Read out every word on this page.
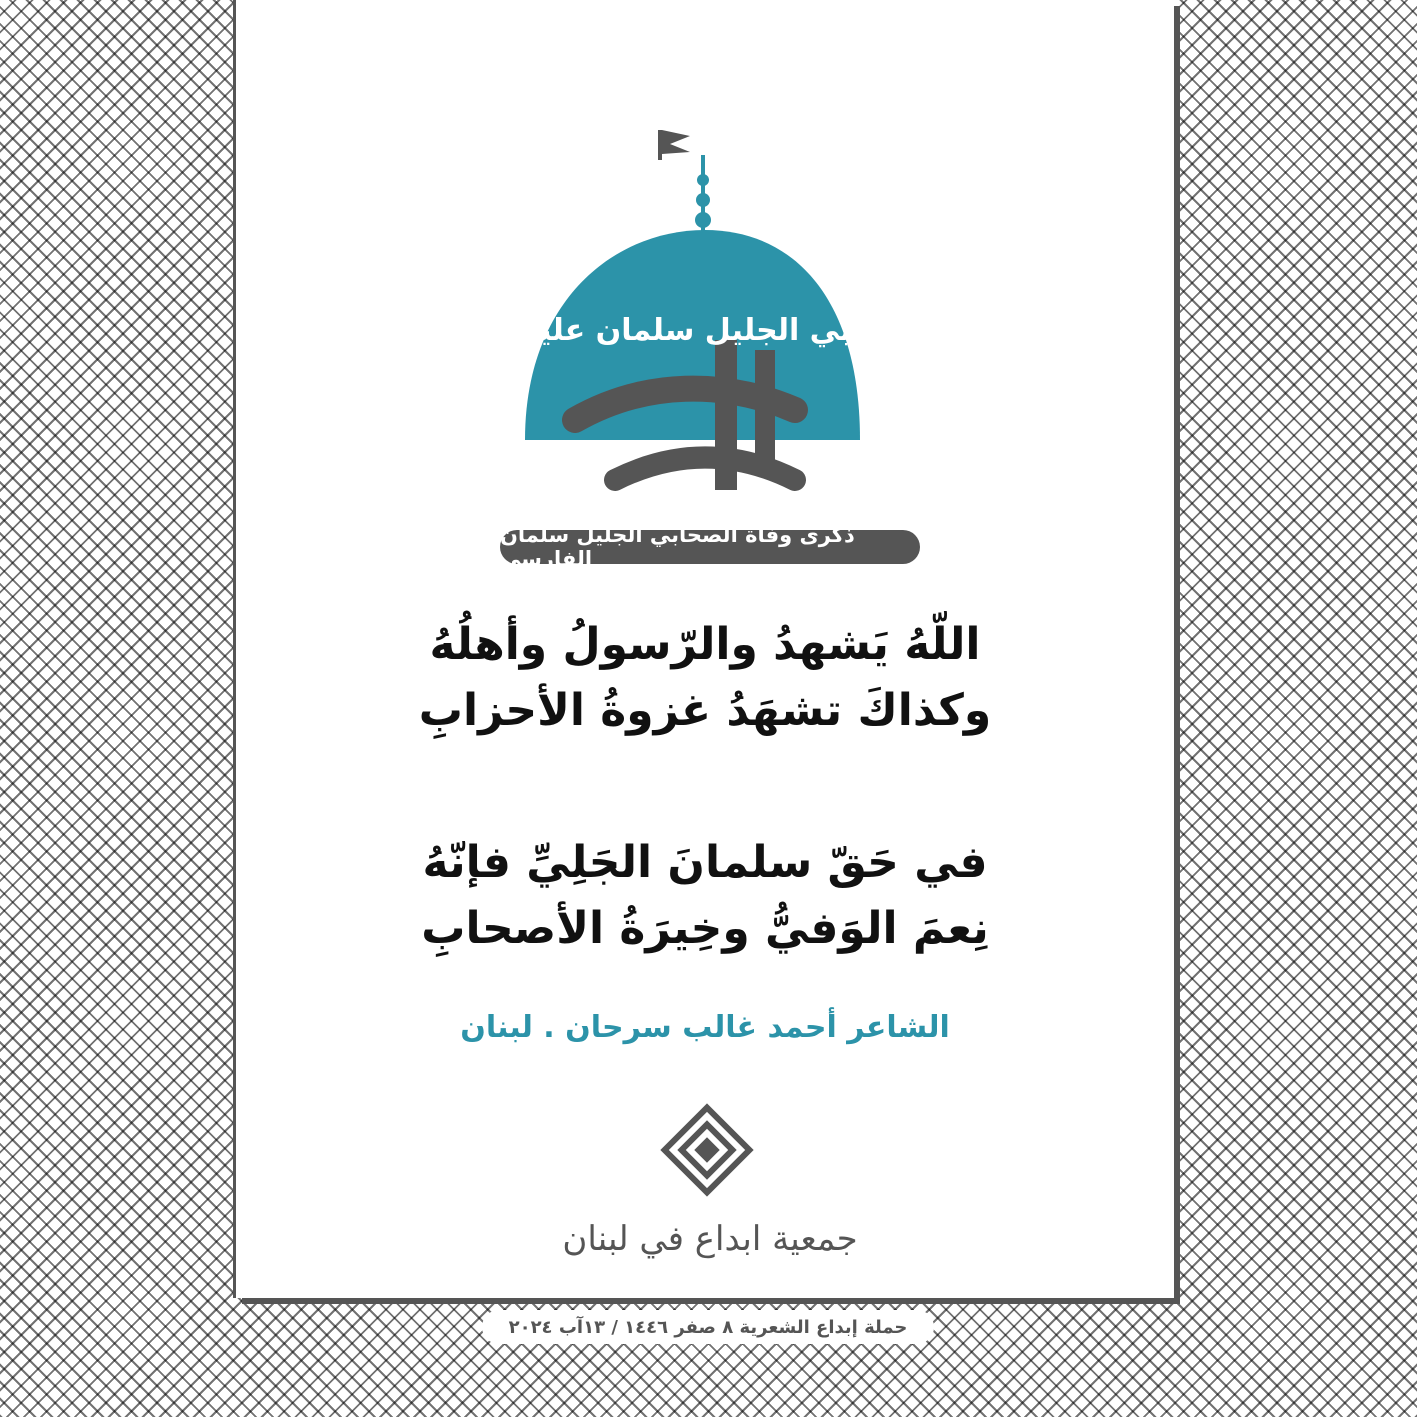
الصحابي الجليل سلمان عليه السلام
ذكرى وفاة الصحابي الجليل سلمان الفارسي
اللّهُ يَشهدُ والرّسولُ وأهلُهُ
وكذاكَ تشهَدُ غزوةُ الأحزابِ
في حَقّ سلمانَ الجَلِيِّ فإنّهُ
نِعمَ الوَفيُّ وخِيرَةُ الأصحابِ
الشاعر أحمد غالب سرحان . لبنان
جمعية ابداع في لبنان
حملة إبداع الشعرية ٨ صفر ١٤٤٦ / ١٣آب ٢٠٢٤
